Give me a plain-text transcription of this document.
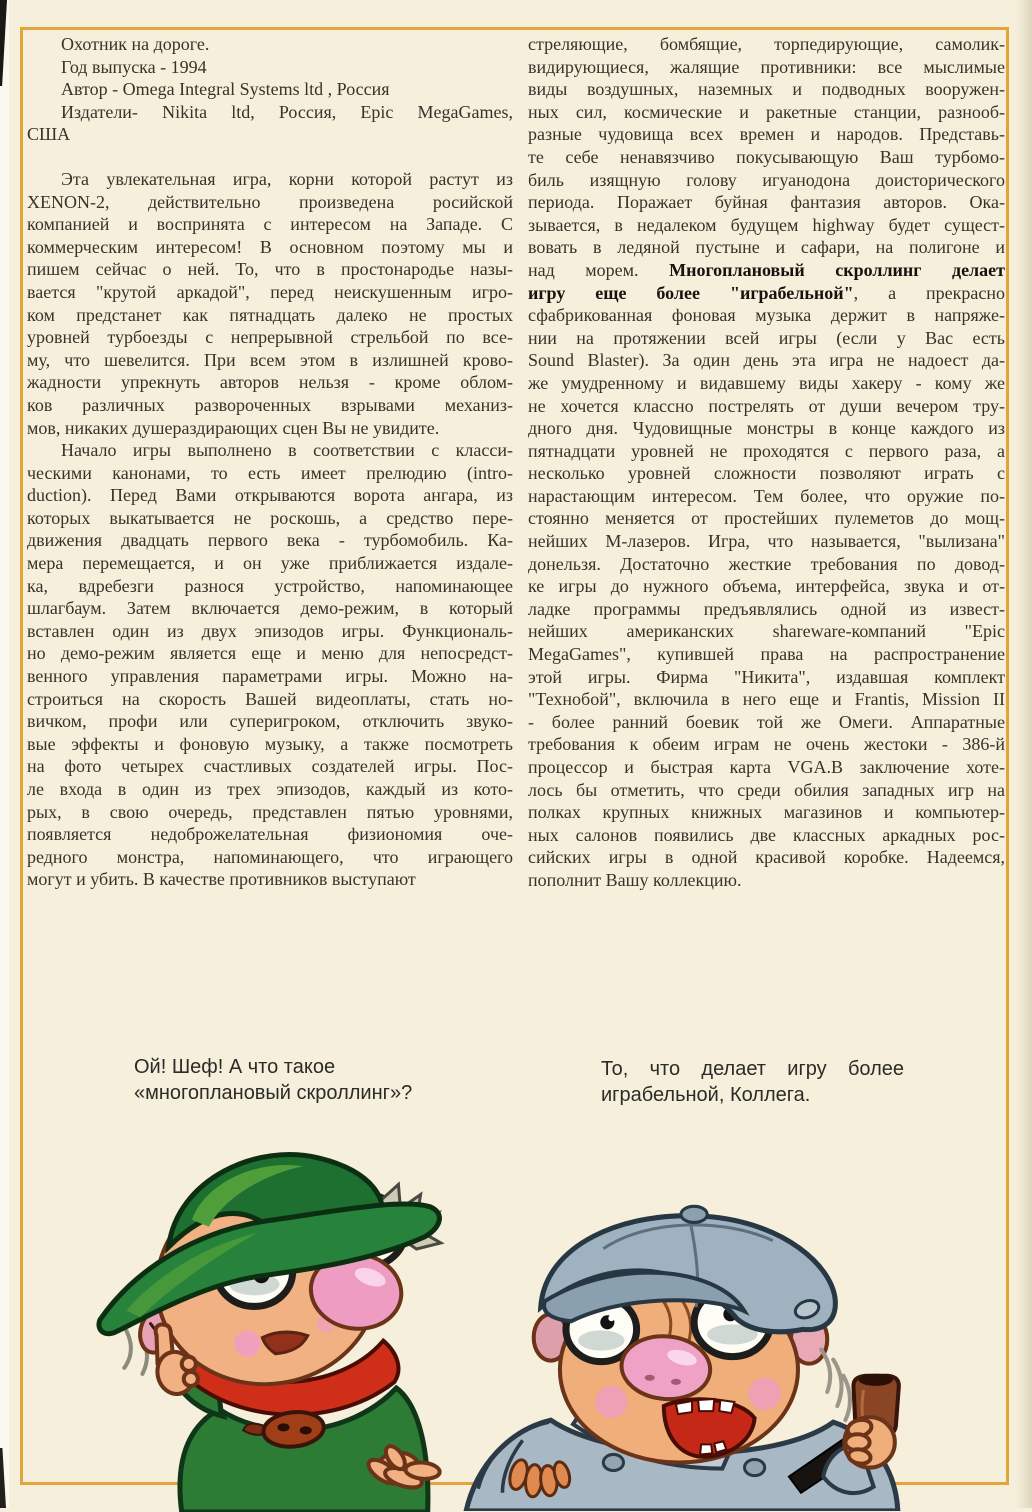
Охотник на дороге.
Год выпуска - 1994
Автор - Omega Integral Systems ltd , Россия
Издатели- Nikita ltd, Россия, Epic MegaGames,
США
Эта увлекательная игра, корни которой растут из
XENON-2, действительно произведена росийской
компанией и воспринята с интересом на Западе. С
коммерческим интересом! В основном поэтому мы и
пишем сейчас о ней. То, что в простонародье назы-
вается "крутой аркадой", перед неискушенным игро-
ком предстанет как пятнадцать далеко не простых
уровней турбоезды с непрерывной стрельбой по все-
му, что шевелится. При всем этом в излишней крово-
жадности упрекнуть авторов нельзя - кроме облом-
ков различных развороченных взрывами механиз-
мов, никаких душераздирающих сцен Вы не увидите.
Начало игры выполнено в соответствии с класси-
ческими канонами, то есть имеет прелюдию (intro-
duction). Перед Вами открываются ворота ангара, из
которых выкатывается не роскошь, а средство пере-
движения двадцать первого века - турбомобиль. Ка-
мера перемещается, и он уже приближается издале-
ка, вдребезги разнося устройство, напоминающее
шлагбаум. Затем включается демо-режим, в который
вставлен один из двух эпизодов игры. Функциональ-
но демо-режим является еще и меню для непосредст-
венного управления параметрами игры. Можно на-
строиться на скорость Вашей видеоплаты, стать но-
вичком, профи или суперигроком, отключить звуко-
вые эффекты и фоновую музыку, а также посмотреть
на фото четырех счастливых создателей игры. Пос-
ле входа в один из трех эпизодов, каждый из кото-
рых, в свою очередь, представлен пятью уровнями,
появляется недоброжелательная физиономия оче-
редного монстра, напоминающего, что играющего
могут и убить. В качестве противников выступают
стреляющие, бомбящие, торпедирующие, самолик-
видирующиеся, жалящие противники: все мыслимые
виды воздушных, наземных и подводных вооружен-
ных сил, космические и ракетные станции, разнооб-
разные чудовища всех времен и народов. Представь-
те себе ненавязчиво покусывающую Ваш турбомо-
биль изящную голову игуанодона доисторического
периода. Поражает буйная фантазия авторов. Ока-
зывается, в недалеком будущем highway будет сущест-
вовать в ледяной пустыне и сафари, на полигоне и
над морем. Многоплановый скроллинг делает
игру еще более "играбельной", а прекрасно
сфабрикованная фоновая музыка держит в напряже-
нии на протяжении всей игры (если у Вас есть
Sound Blaster). За один день эта игра не надоест да-
же умудренному и видавшему виды хакеру - кому же
не хочется классно пострелять от души вечером тру-
дного дня. Чудовищные монстры в конце каждого из
пятнадцати уровней не проходятся с первого раза, а
несколько уровней сложности позволяют играть с
нарастающим интересом. Тем более, что оружие по-
стоянно меняется от простейших пулеметов до мощ-
нейших М-лазеров. Игра, что называется, "вылизана"
донельзя. Достаточно жесткие требования по довод-
ке игры до нужного объема, интерфейса, звука и от-
ладке программы предъявлялись одной из извест-
нейших американских shareware-компаний "Epic
MegaGames", купившей права на распространение
этой игры. Фирма "Никита", издавшая комплект
"Технобой", включила в него еще и Frantis, Mission II
- более ранний боевик той же Омеги. Аппаратные
требования к обеим играм не очень жестоки - 386-й
процессор и быстрая карта VGA.В заключение хоте-
лось бы отметить, что среди обилия западных игр на
полках крупных книжных магазинов и компьютер-
ных салонов появились две классных аркадных рос-
сийских игры в одной красивой коробке. Надеемся,
пополнит Вашу коллекцию.
Ой! Шеф! А что такое
«многоплановый скроллинг»?
То, что делает игру более
играбельной, Коллега.
